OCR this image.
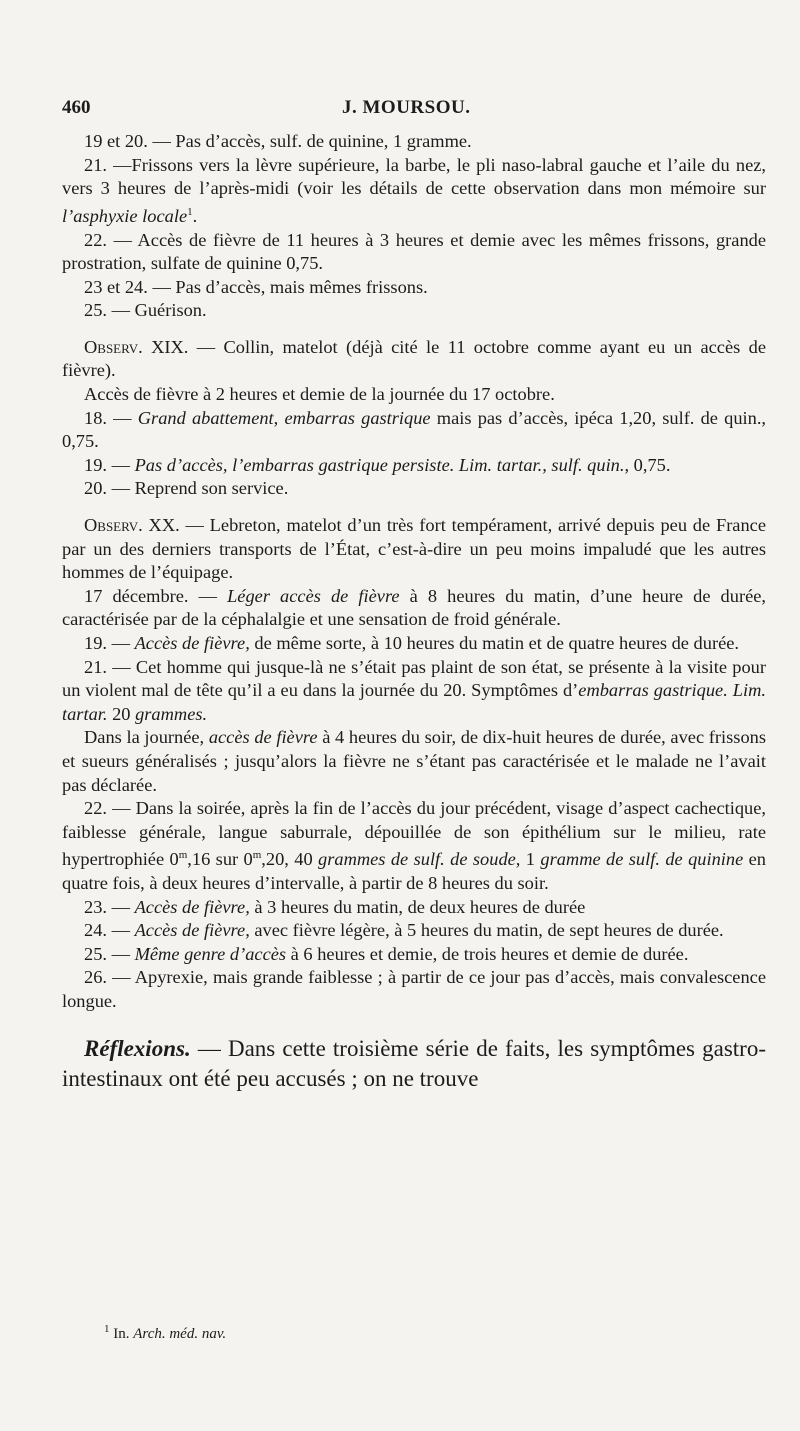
460	J. MOURSOU.

19 et 20. — Pas d’accès, sulf. de quinine, 1 gramme.

21. —Frissons vers la lèvre supérieure, la barbe, le pli naso-labral gauche et l’aile du nez, vers 3 heures de l’après-midi (voir les détails de cette observation dans mon mémoire sur l’asphyxie locale$^1$.

22. — Accès de fièvre de 11 heures à 3 heures et demie avec les mêmes frissons, grande prostration, sulfate de quinine 0,75.

23 et 24. — Pas d’accès, mais mêmes frissons.

25. — Guérison.

Observ. XIX. — Collin, matelot (déjà cité le 11 octobre comme ayant eu un accès de fièvre).

Accès de fièvre à 2 heures et demie de la journée du 17 octobre.

18. — Grand abattement, embarras gastrique mais pas d’accès, ipéca 1,20, sulf. de quin., 0,75.

19. — Pas d’accès, l’embarras gastrique persiste. Lim. tartar., sulf. quin., 0,75.

20. — Reprend son service.

Observ. XX. — Lebreton, matelot d’un très fort tempérament, arrivé depuis peu de France par un des derniers transports de l’État, c’est-à-dire un peu moins impaludé que les autres hommes de l’équipage.

17 décembre. — Léger accès de fièvre à 8 heures du matin, d’une heure de durée, caractérisée par de la céphalalgie et une sensation de froid générale.

19. — Accès de fièvre, de même sorte, à 10 heures du matin et de quatre heures de durée.

21. — Cet homme qui jusque-là ne s’était pas plaint de son état, se présente à la visite pour un violent mal de tête qu’il a eu dans la journée du 20. Symptômes d’embarras gastrique. Lim. tartar. 20 grammes.

Dans la journée, accès de fièvre à 4 heures du soir, de dix-huit heures de durée, avec frissons et sueurs généralisés ; jusqu’alors la fièvre ne s’étant pas caractérisée et le malade ne l’avait pas déclarée.

22. — Dans la soirée, après la fin de l’accès du jour précédent, visage d’aspect cachectique, faiblesse générale, langue saburrale, dépouillée de son épithélium sur le milieu, rate hypertrophiée 0$^m$,16 sur 0$^m$,20, 40 grammes de sulf. de soude, 1 gramme de sulf. de quinine en quatre fois, à deux heures d’intervalle, à partir de 8 heures du soir.

23. — Accès de fièvre, à 3 heures du matin, de deux heures de durée

24. — Accès de fièvre, avec fièvre légère, à 5 heures du matin, de sept heures de durée.

25. — Même genre d’accès à 6 heures et demie, de trois heures et demie de durée.

26. — Apyrexie, mais grande faiblesse ; à partir de ce jour pas d’accès, mais convalescence longue.

Réflexions. — Dans cette troisième série de faits, les symptômes gastro-intestinaux ont été peu accusés ; on ne trouve

$^1$ In. Arch. méd. nav.
